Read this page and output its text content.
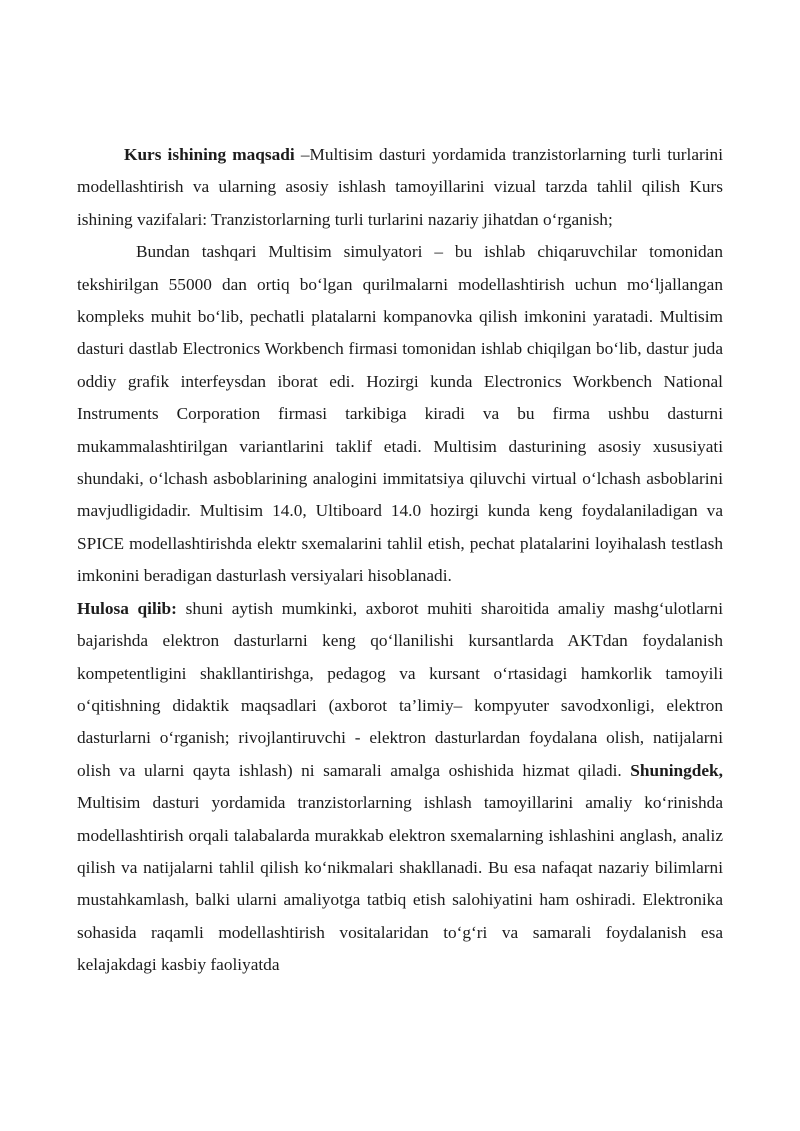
Kurs ishining maqsadi –Multisim dasturi yordamida tranzistorlarning turli turlarini modellashtirish va ularning asosiy ishlash tamoyillarini vizual tarzda tahlil qilish Kurs ishining vazifalari: Tranzistorlarning turli turlarini nazariy jihatdan o‘rganish;

Bundan tashqari Multisim simulyatori – bu ishlab chiqaruvchilar tomonidan tekshirilgan 55000 dan ortiq bo‘lgan qurilmalarni modellashtirish uchun mo‘ljallangan kompleks muhit bo‘lib, pechatli platalarni kompanovka qilish imkonini yaratadi. Multisim dasturi dastlab Electronics Workbench firmasi tomonidan ishlab chiqilgan bo‘lib, dastur juda oddiy grafik interfeysdan iborat edi. Hozirgi kunda Electronics Workbench National Instruments Corporation firmasi tarkibiga kiradi va bu firma ushbu dasturni mukammalashtirilgan variantlarini taklif etadi. Multisim dasturining asosiy xususiyati shundaki, o‘lchash asboblarining analogini immitatsiya qiluvchi virtual o‘lchash asboblarini mavjudligidadir. Multisim 14.0, Ultiboard 14.0 hozirgi kunda keng foydalaniladigan va SPICE modellashtirishda elektr sxemalarini tahlil etish, pechat platalarini loyihalash testlash imkonini beradigan dasturlash versiyalari hisoblanadi.

Hulosa qilib: shuni aytish mumkinki, axborot muhiti sharoitida amaliy mashg‘ulotlarni bajarishda elektron dasturlarni keng qo‘llanilishi kursantlarda AKTdan foydalanish kompetentligini shakllantirishga, pedagog va kursant o‘rtasidagi hamkorlik tamoyili o‘qitishning didaktik maqsadlari (axborot ta’limiy– kompyuter savodxonligi, elektron dasturlarni o‘rganish; rivojlantiruvchi - elektron dasturlardan foydalana olish, natijalarni olish va ularni qayta ishlash) ni samarali amalga oshishida hizmat qiladi. Shuningdek, Multisim dasturi yordamida tranzistorlarning ishlash tamoyillarini amaliy ko‘rinishda modellashtirish orqali talabalarda murakkab elektron sxemalarning ishlashini anglash, analiz qilish va natijalarni tahlil qilish ko‘nikmalari shakllanadi. Bu esa nafaqat nazariy bilimlarni mustahkamlash, balki ularni amaliyotga tatbiq etish salohiyatini ham oshiradi. Elektronika sohasida raqamli modellashtirish vositalaridan to‘g‘ri va samarali foydalanish esa kelajakdagi kasbiy faoliyatda
